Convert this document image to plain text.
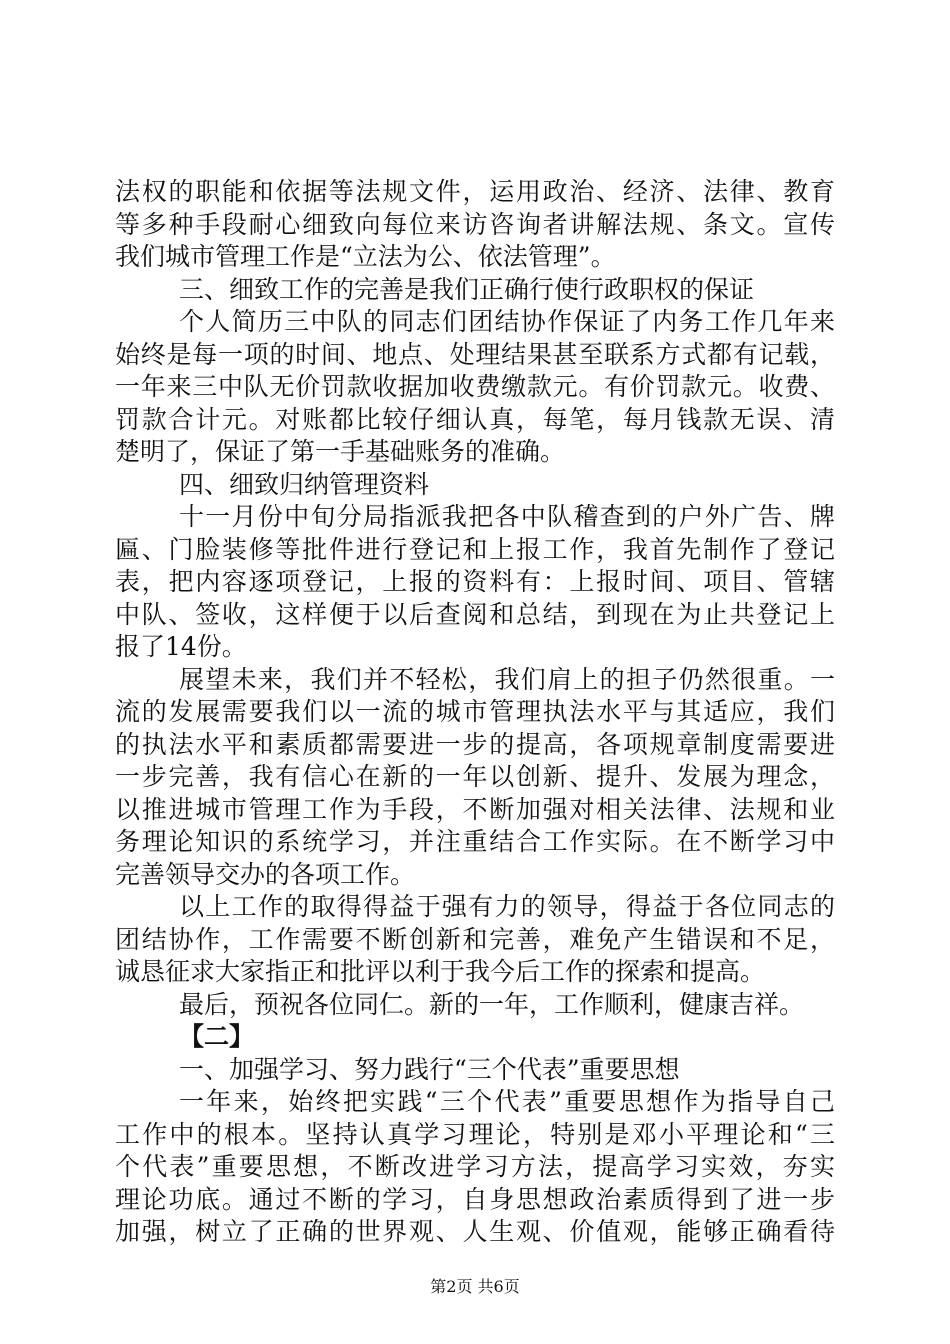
法权的职能和依据等法规文件，运用政治、经济、法律、教育
等多种手段耐心细致向每位来访咨询者讲解法规、条文。宣传
我们城市管理工作是“立法为公、依法管理”。
三、细致工作的完善是我们正确行使行政职权的保证
个人简历三中队的同志们团结协作保证了内务工作几年来
始终是每一项的时间、地点、处理结果甚至联系方式都有记载，
一年来三中队无价罚款收据加收费缴款元。有价罚款元。收费、
罚款合计元。对账都比较仔细认真，每笔，每月钱款无误、清
楚明了，保证了第一手基础账务的准确。
四、细致归纳管理资料
十一月份中旬分局指派我把各中队稽查到的户外广告、牌
匾、门脸装修等批件进行登记和上报工作，我首先制作了登记
表，把内容逐项登记，上报的资料有：上报时间、项目、管辖
中队、签收，这样便于以后查阅和总结，到现在为止共登记上
报了14份。
展望未来，我们并不轻松，我们肩上的担子仍然很重。一
流的发展需要我们以一流的城市管理执法水平与其适应，我们
的执法水平和素质都需要进一步的提高，各项规章制度需要进
一步完善，我有信心在新的一年以创新、提升、发展为理念，
以推进城市管理工作为手段，不断加强对相关法律、法规和业
务理论知识的系统学习，并注重结合工作实际。在不断学习中
完善领导交办的各项工作。
以上工作的取得得益于强有力的领导，得益于各位同志的
团结协作，工作需要不断创新和完善，难免产生错误和不足，
诚恳征求大家指正和批评以利于我今后工作的探索和提高。
最后，预祝各位同仁。新的一年，工作顺利，健康吉祥。
【二】
一、加强学习、努力践行“三个代表”重要思想
一年来，始终把实践“三个代表”重要思想作为指导自己
工作中的根本。坚持认真学习理论，特别是邓小平理论和“三
个代表”重要思想，不断改进学习方法，提高学习实效，夯实
理论功底。通过不断的学习，自身思想政治素质得到了进一步
加强，树立了正确的世界观、人生观、价值观，能够正确看待
第2页 共6页
